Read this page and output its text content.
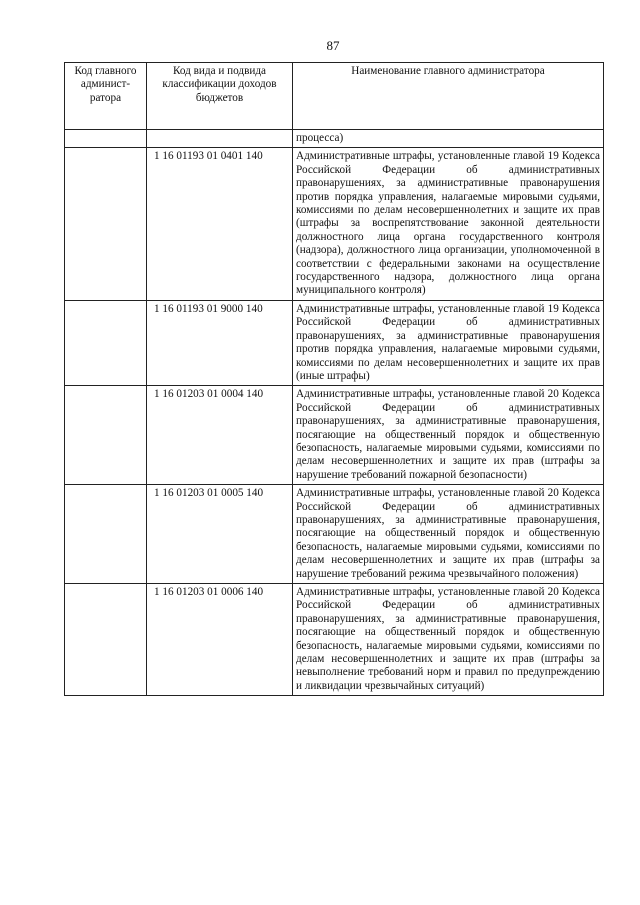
87
Код главного админист-ратора	Код вида и подвида классификации доходов бюджетов	Наименование главного администратора
		процесса)
	1 16 01193 01 0401 140	Административные штрафы, установленные главой 19 Кодекса Российской Федерации об административных правонарушениях, за административные правонарушения против порядка управления, налагаемые мировыми судьями, комиссиями по делам несовершеннолетних и защите их прав (штрафы за воспрепятствование законной деятельности должностного лица органа государственного контроля (надзора), должностного лица организации, уполномоченной в соответствии с федеральными законами на осуществление государственного надзора, должностного лица органа муниципального контроля)
	1 16 01193 01 9000 140	Административные штрафы, установленные главой 19 Кодекса Российской Федерации об административных правонарушениях, за административные правонарушения против порядка управления, налагаемые мировыми судьями, комиссиями по делам несовершеннолетних и защите их прав (иные штрафы)
	1 16 01203 01 0004 140	Административные штрафы, установленные главой 20 Кодекса Российской Федерации об административных правонарушениях, за административные правонарушения, посягающие на общественный порядок и общественную безопасность, налагаемые мировыми судьями, комиссиями по делам несовершеннолетних и защите их прав (штрафы за нарушение требований пожарной безопасности)
	1 16 01203 01 0005 140	Административные штрафы, установленные главой 20 Кодекса Российской Федерации об административных правонарушениях, за административные правонарушения, посягающие на общественный порядок и общественную безопасность, налагаемые мировыми судьями, комиссиями по делам несовершеннолетних и защите их прав (штрафы за нарушение требований режима чрезвычайного положения)
	1 16 01203 01 0006 140	Административные штрафы, установленные главой 20 Кодекса Российской Федерации об административных правонарушениях, за административные правонарушения, посягающие на общественный порядок и общественную безопасность, налагаемые мировыми судьями, комиссиями по делам несовершеннолетних и защите их прав (штрафы за невыполнение требований норм и правил по предупреждению и ликвидации чрезвычайных ситуаций)
